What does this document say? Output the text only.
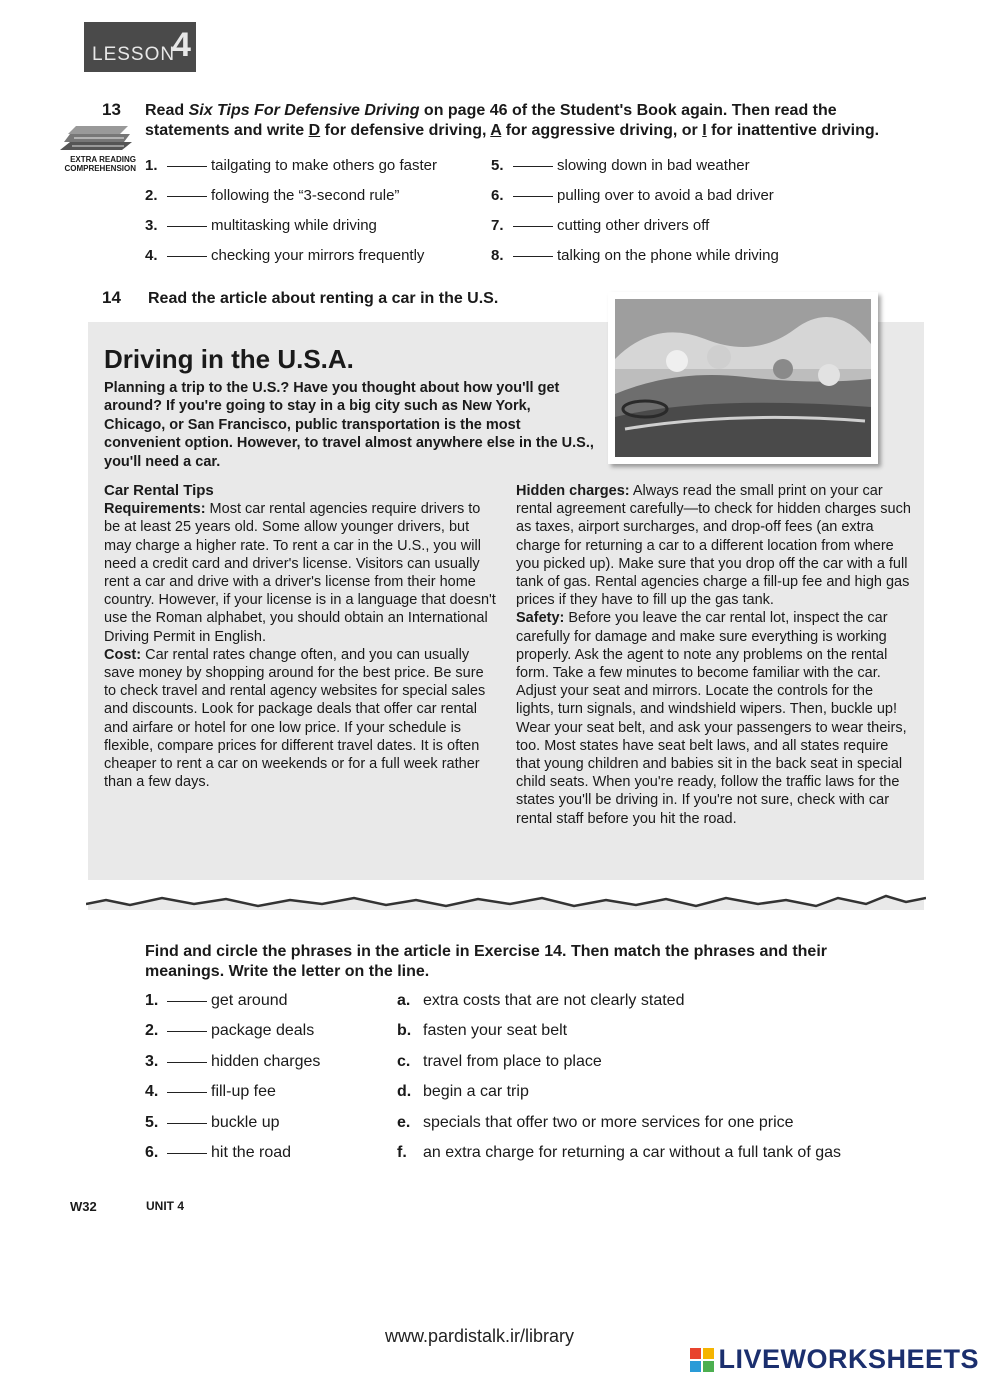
LESSON
4
13 Read Six Tips For Defensive Driving on page 46 of the Student's Book again. Then read the
statements and write D for defensive driving, A for aggressive driving, or I for inattentive driving.
EXTRA READING
COMPREHENSION 1.	tailgating to make others go faster
2.	following the “3-second rule”
3.	multitasking while driving
4.	checking your mirrors frequently
5.	slowing down in bad weather
6.	pulling over to avoid a bad driver
7.	cutting other drivers off
8.	talking on the phone while driving
14 Read the article about renting a car in the U.S.
Driving in the U.S.A.
Planning a trip to the U.S.? Have you thought about how you'll get around? If you're going to stay in a big city such as New York, Chicago, or San Francisco, public transportation is the most convenient option. However, to travel almost anywhere else in the U.S., you'll need a car.
Car Rental Tips

Requirements: Most car rental agencies require drivers to be at least 25 years old. Some allow younger drivers, but may charge a higher rate. To rent a car in the U.S., you will need a credit card and driver's license. Visitors can usually rent a car and drive with a driver's license from their home country. However, if your license is in a language that doesn't use the Roman alphabet, you should obtain an International Driving Permit in English.

Cost: Car rental rates change often, and you can usually save money by shopping around for the best price. Be sure to check travel and rental agency websites for special sales and discounts. Look for package deals that offer car rental and airfare or hotel for one low price. If your schedule is flexible, compare prices for different travel dates. It is often cheaper to rent a car on weekends or for a full week rather than a few days.

Hidden charges: Always read the small print on your car rental agreement carefully—to check for hidden charges such as taxes, airport surcharges, and drop-off fees (an extra charge for returning a car to a different location from where you picked up). Make sure that you drop off the car with a full tank of gas. Rental agencies charge a fill-up fee and high gas prices if they have to fill up the gas tank.

Safety: Before you leave the car rental lot, inspect the car carefully for damage and make sure everything is working properly. Ask the agent to note any problems on the rental form. Take a few minutes to become familiar with the car. Adjust your seat and mirrors. Locate the controls for the lights, turn signals, and windshield wipers. Then, buckle up! Wear your seat belt, and ask your passengers to wear theirs, too. Most states have seat belt laws, and all states require that young children and babies sit in the back seat in special child seats. When you're ready, follow the traffic laws for the states you'll be driving in. If you're not sure, check with car rental staff before you hit the road.

Find and circle the phrases in the article in Exercise 14. Then match the phrases and their meanings. Write the letter on the line.
1.	get around
2.	package deals
3.	hidden charges
4.	fill-up fee
5.	buckle up
6.	hit the road
a. extra costs that are not clearly stated
b. fasten your seat belt
c. travel from place to place
d. begin a car trip
e. specials that offer two or more services for one price
f. an extra charge for returning a car without a full tank of gas
W32	UNIT 4
www.pardistalk.ir/library
LIVEWORKSHEETS
